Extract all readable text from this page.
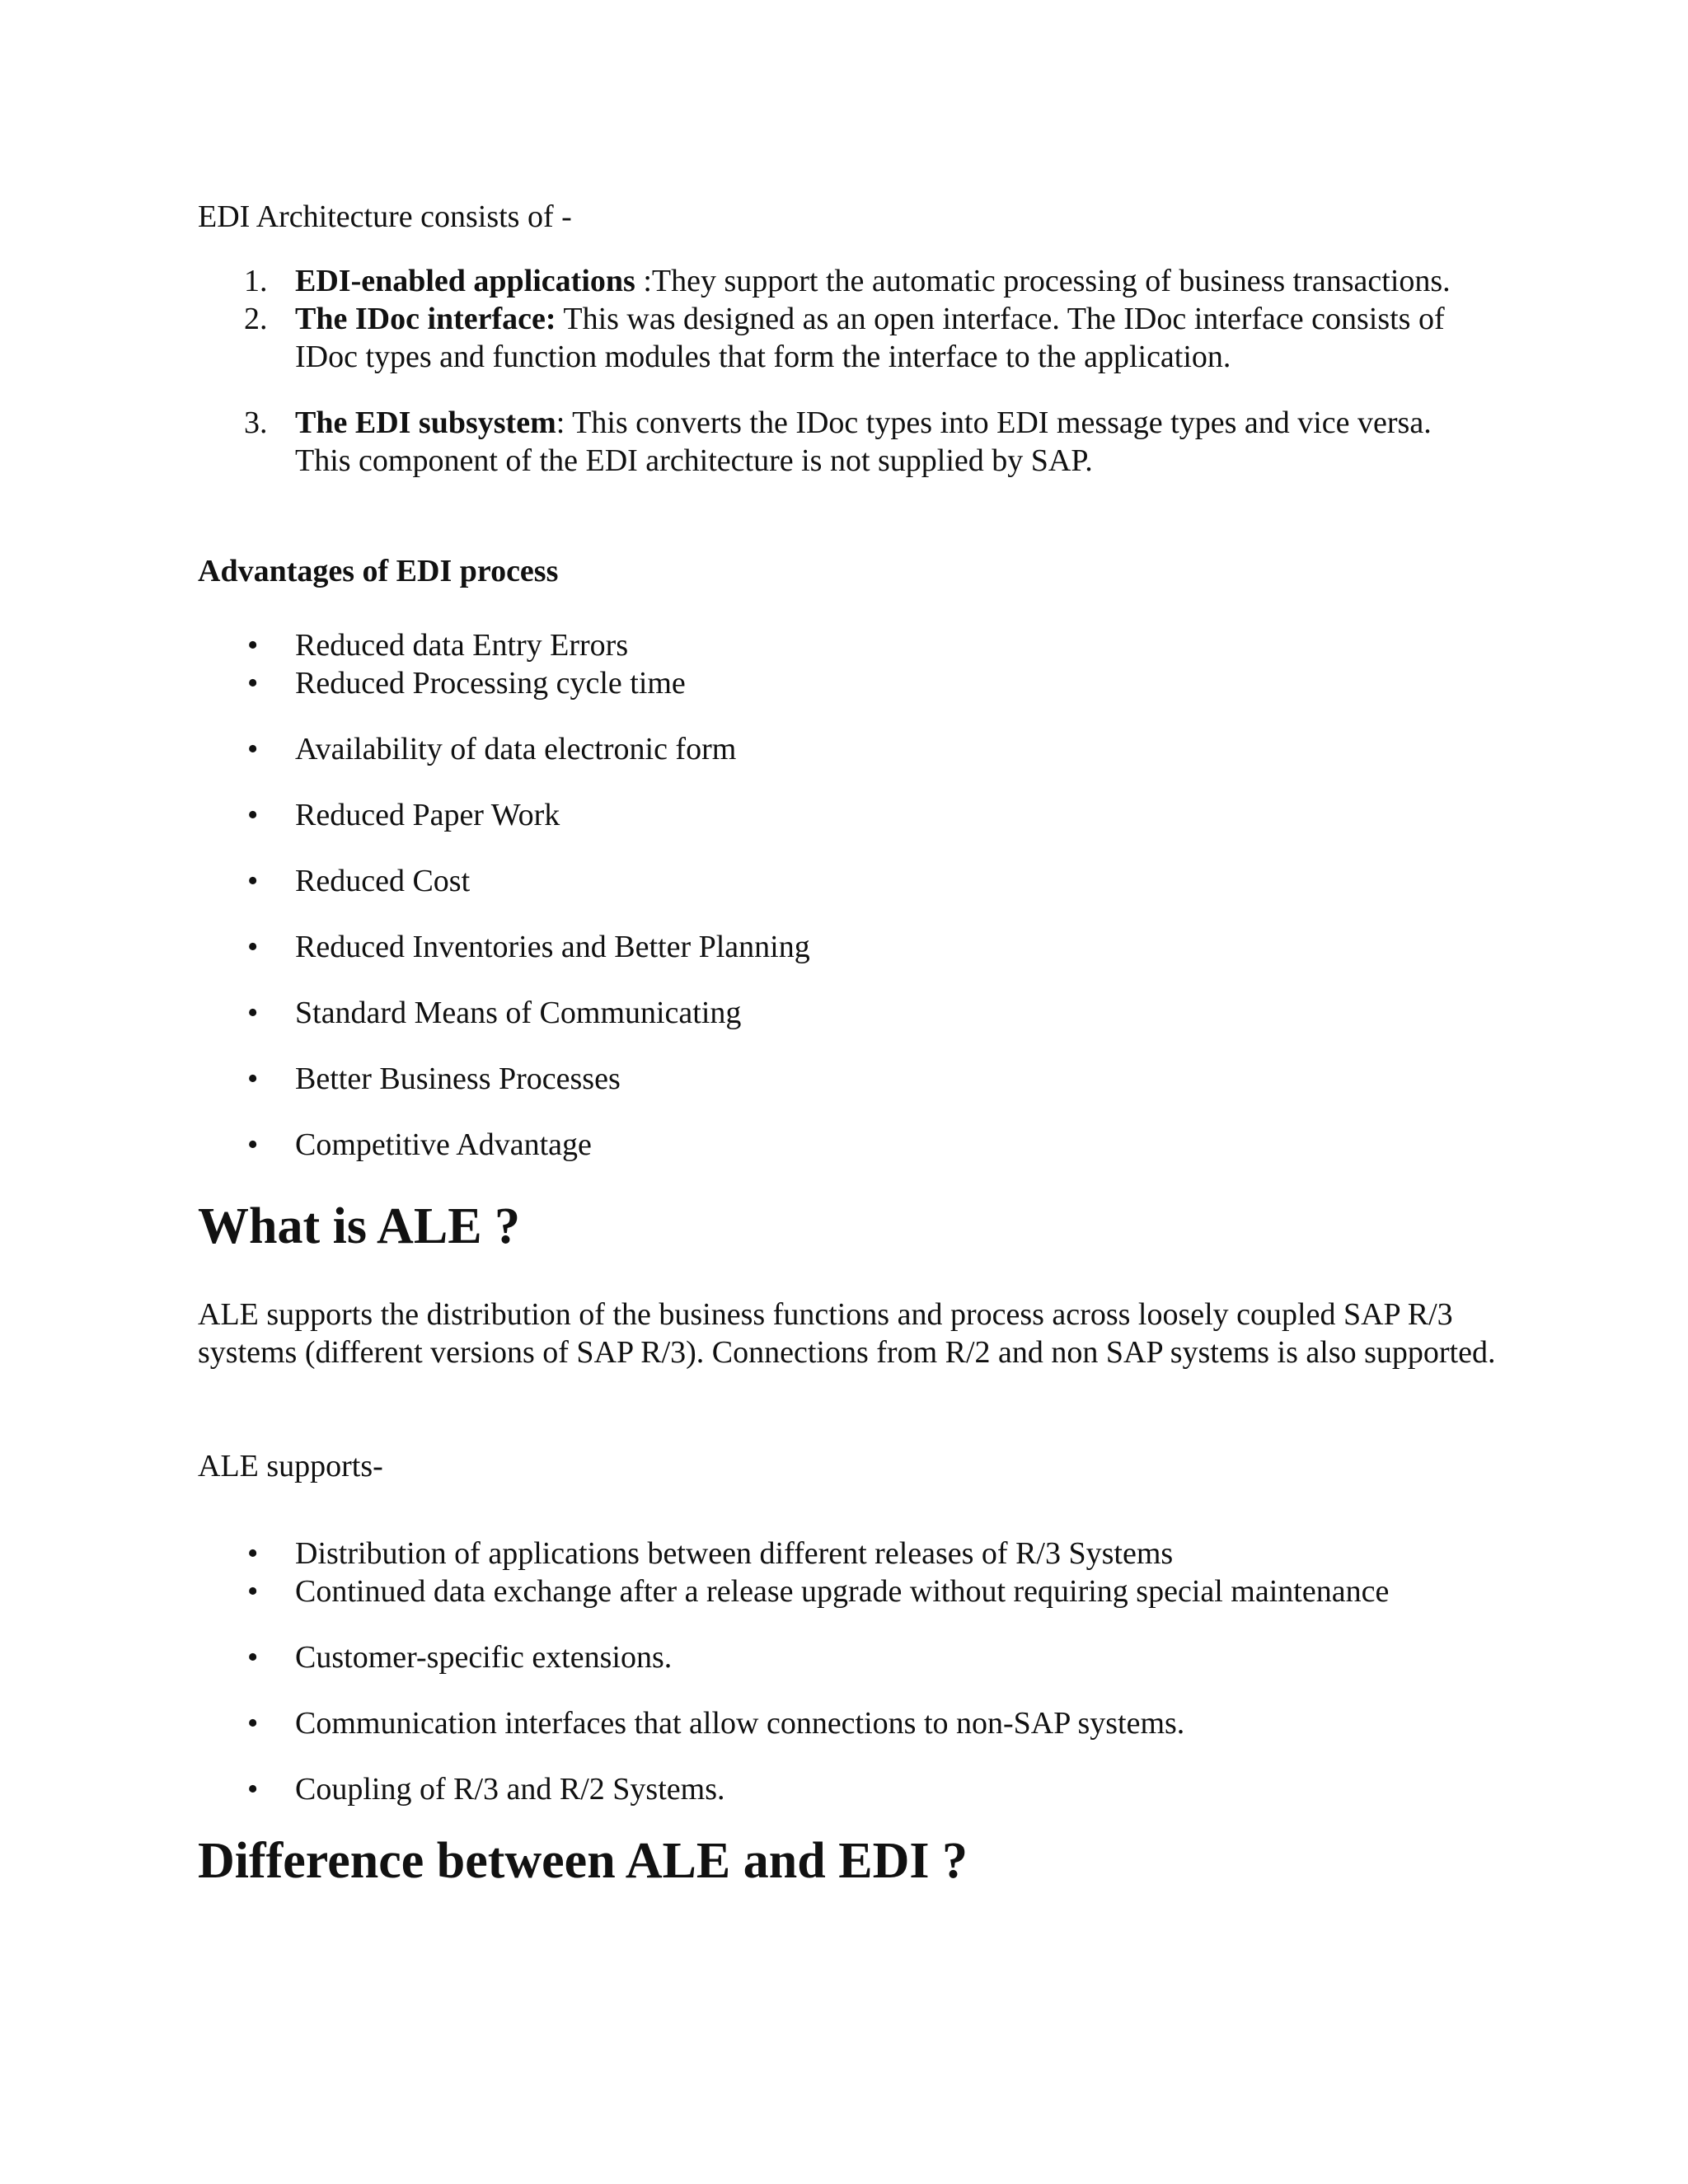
EDI Architecture consists of -

1. EDI-enabled applications :They support the automatic processing of business transactions.
2. The IDoc interface: This was designed as an open interface. The IDoc interface consists of IDoc types and function modules that form the interface to the application.
3. The EDI subsystem: This converts the IDoc types into EDI message types and vice versa. This component of the EDI architecture is not supplied by SAP.

Advantages of EDI process

• Reduced data Entry Errors
• Reduced Processing cycle time
• Availability of data electronic form
• Reduced Paper Work
• Reduced Cost
• Reduced Inventories and Better Planning
• Standard Means of Communicating
• Better Business Processes
• Competitive Advantage
What is ALE ?

ALE supports the distribution of the business functions and process across loosely coupled SAP R/3 systems (different versions of SAP R/3). Connections from R/2 and non SAP systems is also supported.

ALE supports-

• Distribution of applications between different releases of R/3 Systems
• Continued data exchange after a release upgrade without requiring special maintenance
• Customer-specific extensions.
• Communication interfaces that allow connections to non-SAP systems.
• Coupling of R/3 and R/2 Systems.
Difference between ALE and EDI ?
